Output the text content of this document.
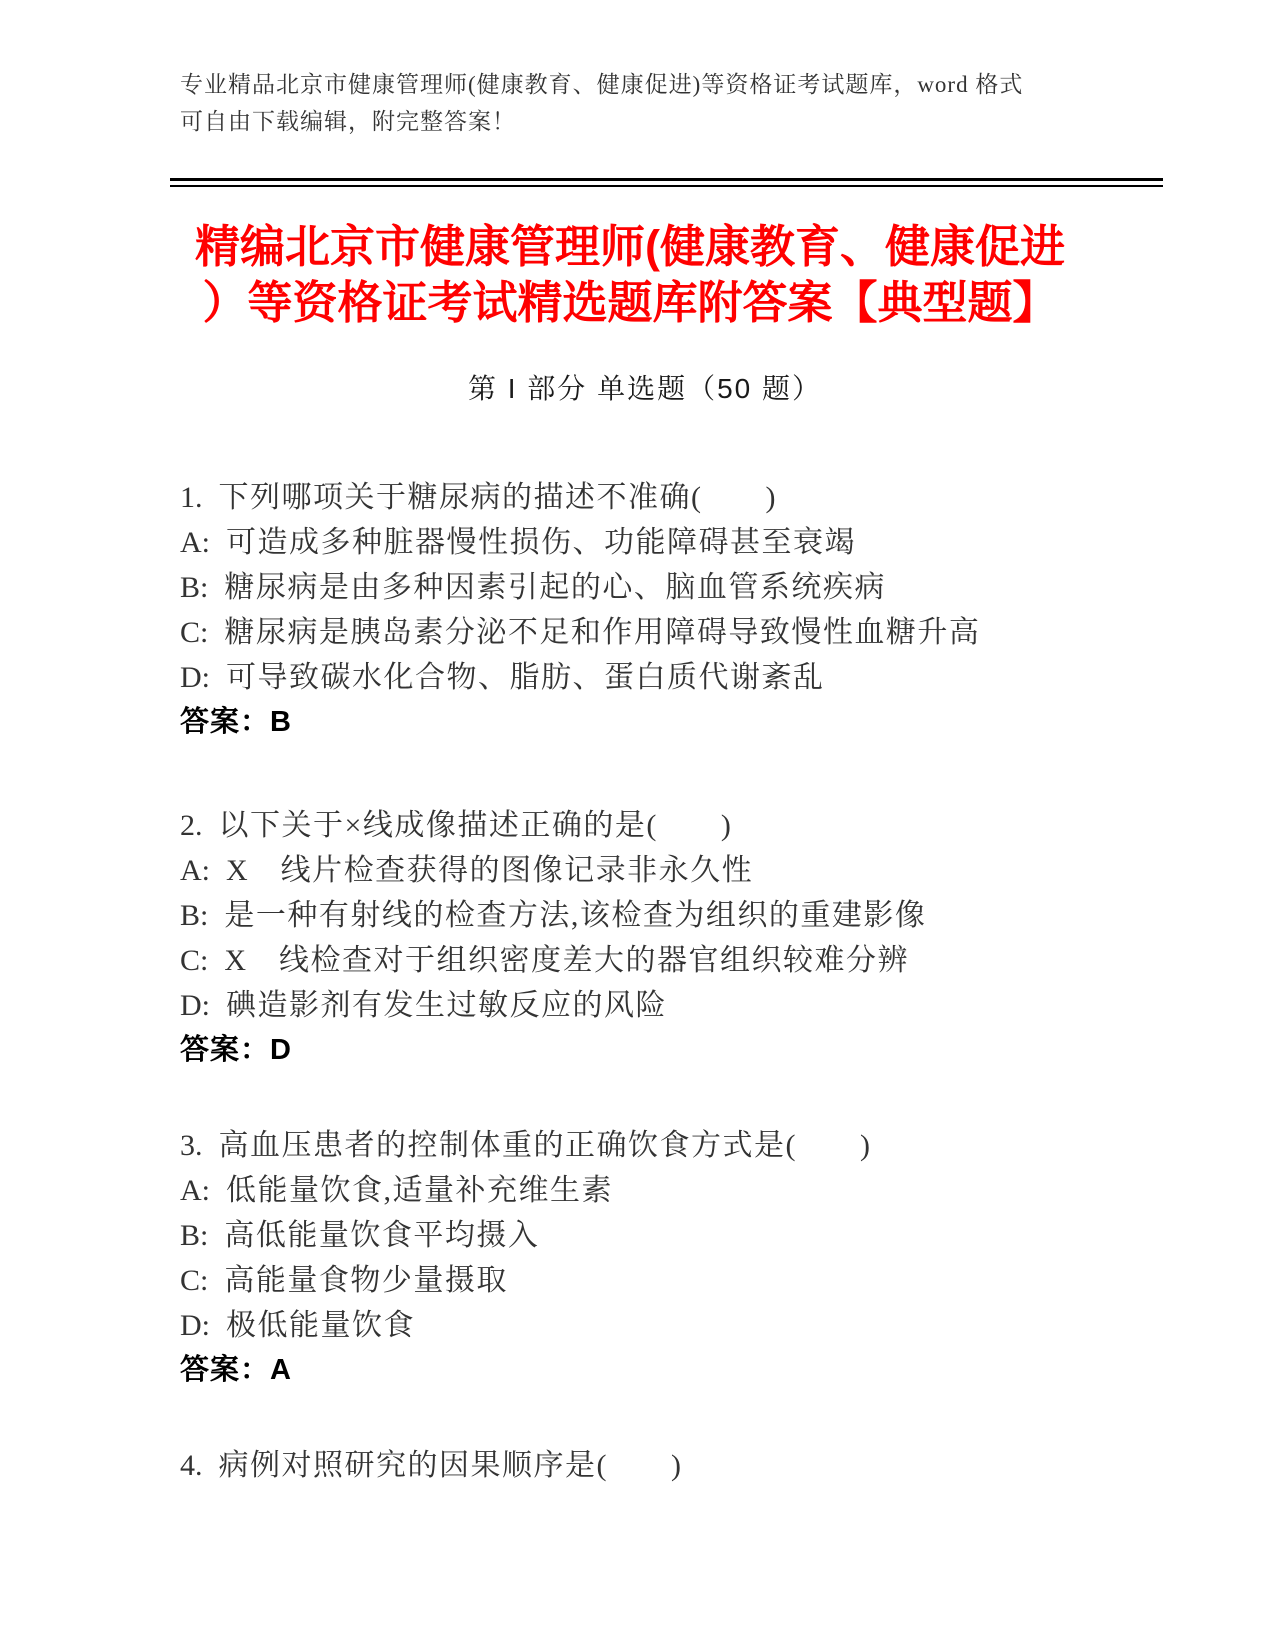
专业精品北京市健康管理师(健康教育、健康促进)等资格证考试题库，word 格式
可自由下载编辑，附完整答案！
精编北京市健康管理师(健康教育、健康促进
）等资格证考试精选题库附答案【典型题】
第 I 部分 单选题（50 题）

1. 下列哪项关于糖尿病的描述不准确(　　)

A: 可造成多种脏器慢性损伤、功能障碍甚至衰竭

B: 糖尿病是由多种因素引起的心、脑血管系统疾病

C: 糖尿病是胰岛素分泌不足和作用障碍导致慢性血糖升高

D: 可导致碳水化合物、脂肪、蛋白质代谢紊乱

答案：B

2. 以下关于×线成像描述正确的是(　　)

A: X　线片检查获得的图像记录非永久性

B: 是一种有射线的检查方法,该检查为组织的重建影像

C: X　线检查对于组织密度差大的器官组织较难分辨

D: 碘造影剂有发生过敏反应的风险

答案：D

3. 高血压患者的控制体重的正确饮食方式是(　　)

A: 低能量饮食,适量补充维生素

B: 高低能量饮食平均摄入

C: 高能量食物少量摄取

D: 极低能量饮食

答案：A

4. 病例对照研究的因果顺序是(　　)
